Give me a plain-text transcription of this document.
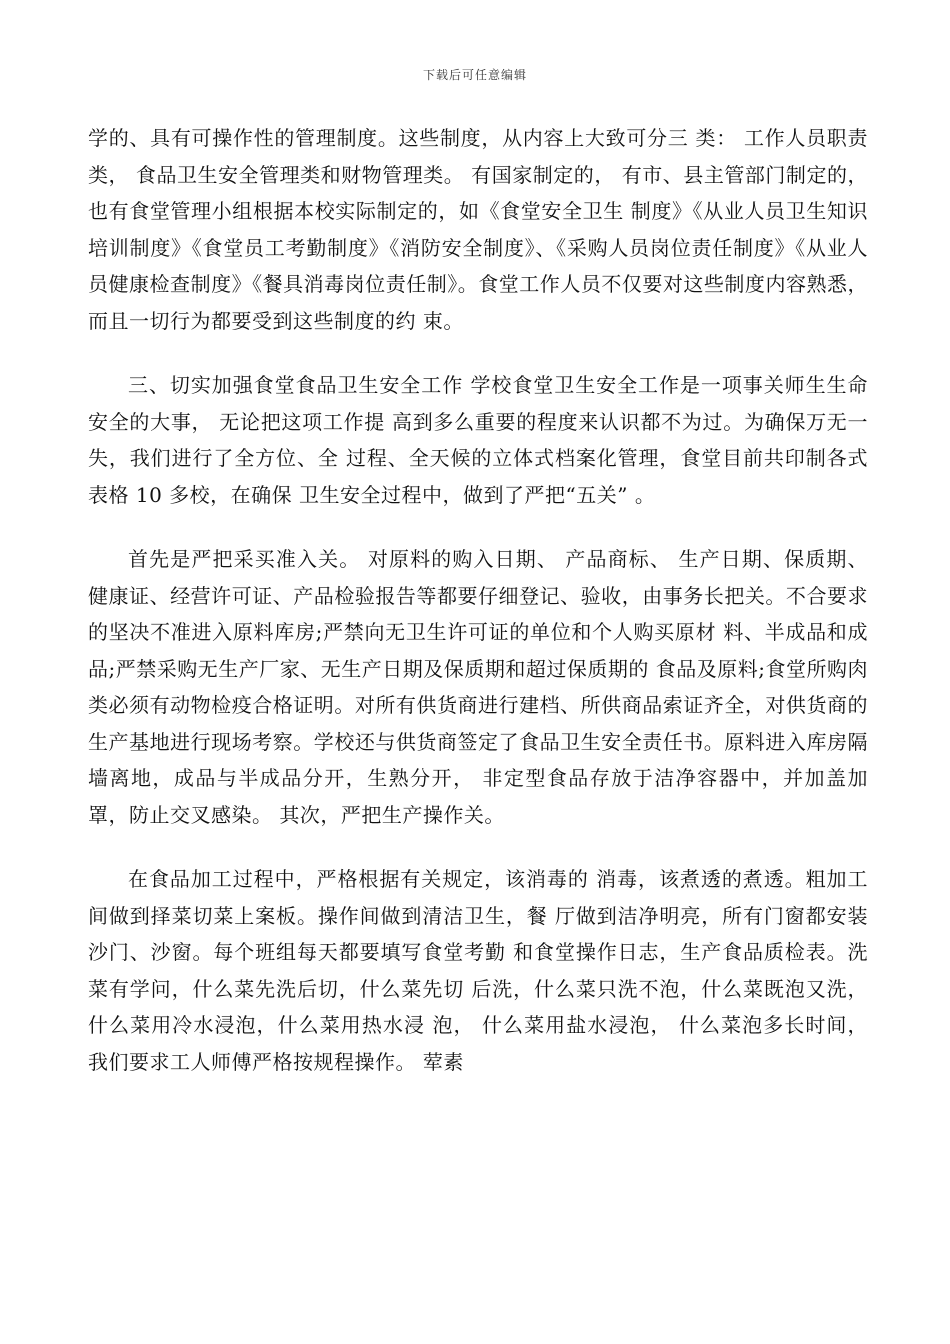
下载后可任意编辑

学的、具有可操作性的管理制度。这些制度，从内容上大致可分三 类： 工作人员职责类， 食品卫生安全管理类和财物管理类。 有国家制定的， 有市、县主管部门制定的，也有食堂管理小组根据本校实际制定的，如《食堂安全卫生 制度》《从业人员卫生知识培训制度》《食堂员工考勤制度》《消防安全制度》、《采购人员岗位责任制度》《从业人员健康检查制度》《餐具消毒岗位责任制》。食堂工作人员不仅要对这些制度内容熟悉， 而且一切行为都要受到这些制度的约 束。

三、切实加强食堂食品卫生安全工作 学校食堂卫生安全工作是一项事关师生生命安全的大事， 无论把这项工作提 高到多么重要的程度来认识都不为过。为确保万无一失，我们进行了全方位、全 过程、全天候的立体式档案化管理，食堂目前共印制各式表格 10 多校，在确保 卫生安全过程中，做到了严把“五关” 。

首先是严把采买准入关。 对原料的购入日期、 产品商标、 生产日期、保质期、 健康证、经营许可证、产品检验报告等都要仔细登记、验收，由事务长把关。不合要求的坚决不准进入原料库房;严禁向无卫生许可证的单位和个人购买原材 料、半成品和成品;严禁采购无生产厂家、无生产日期及保质期和超过保质期的 食品及原料;食堂所购肉类必须有动物检疫合格证明。对所有供货商进行建档、所供商品索证齐全，对供货商的生产基地进行现场考察。学校还与供货商签定了食品卫生安全责任书。原料进入库房隔墙离地，成品与半成品分开，生熟分开， 非定型食品存放于洁净容器中，并加盖加罩，防止交叉感染。 其次，严把生产操作关。

在食品加工过程中，严格根据有关规定，该消毒的 消毒，该煮透的煮透。粗加工间做到择菜切菜上案板。操作间做到清洁卫生，餐 厅做到洁净明亮，所有门窗都安装沙门、沙窗。每个班组每天都要填写食堂考勤 和食堂操作日志，生产食品质检表。洗菜有学问，什么菜先洗后切，什么菜先切 后洗，什么菜只洗不泡，什么菜既泡又洗，什么菜用冷水浸泡，什么菜用热水浸 泡， 什么菜用盐水浸泡， 什么菜泡多长时间， 我们要求工人师傅严格按规程操作。 荤素
